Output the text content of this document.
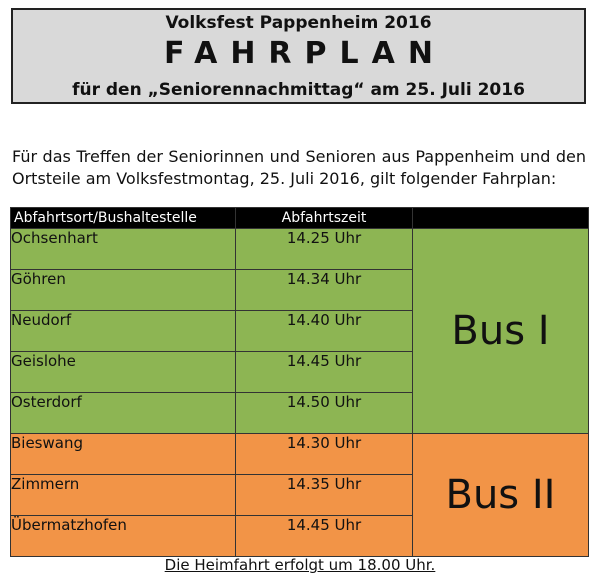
Volksfest Pappenheim 2016
FAHRPLAN
für den „Seniorennachmittag“ am 25. Juli 2016
Für das Treffen der Seniorinnen und Senioren aus Pappenheim und den Ortsteile am Volksfestmontag, 25. Juli 2016, gilt folgender Fahrplan:
Abfahrtsort/Bushaltestelle	Abfahrtszeit	
Ochsenhart	14.25 Uhr	Bus I
Göhren	14.34 Uhr	
Neudorf	14.40 Uhr	
Geislohe	14.45 Uhr	
Osterdorf	14.50 Uhr	
Bieswang	14.30 Uhr	Bus II
Zimmern	14.35 Uhr	
Übermatzhofen	14.45 Uhr	
Die Heimfahrt erfolgt um 18.00 Uhr.
